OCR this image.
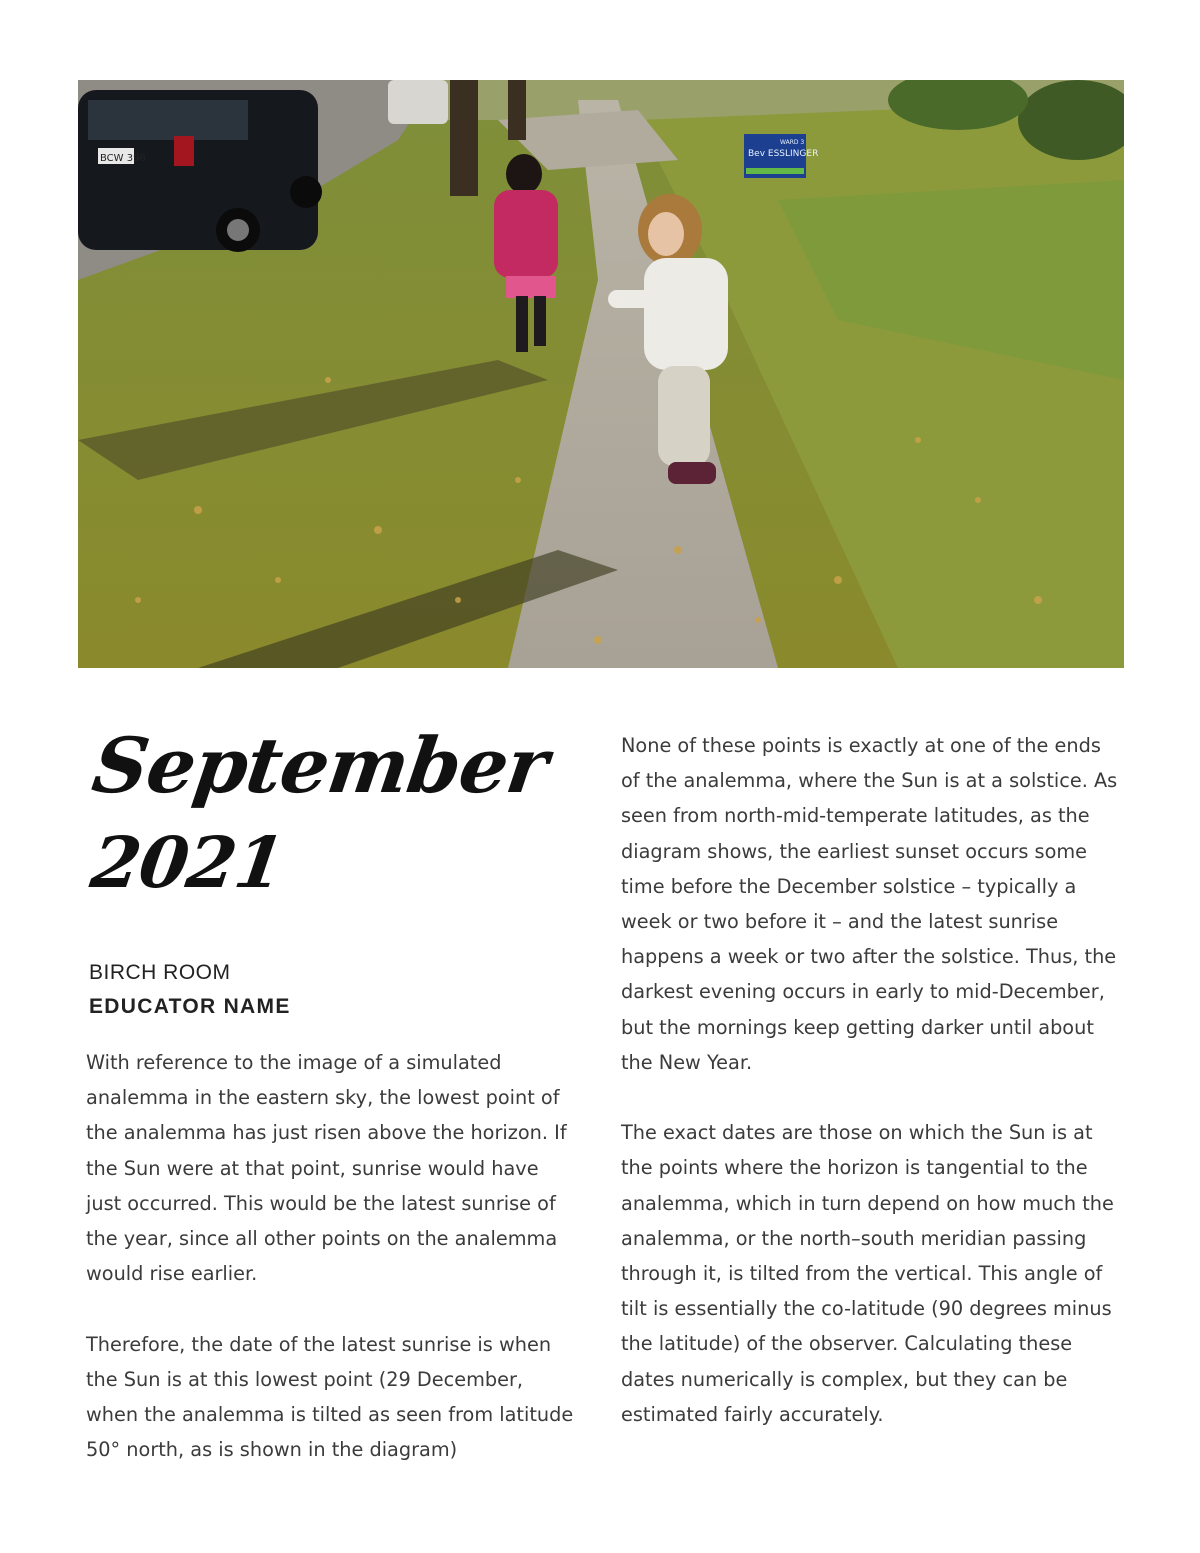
BCW 398	Bev ESSLINGER
WARD 3
September
2021
BIRCH ROOM
EDUCATOR NAME

With reference to the image of a simulated analemma in the eastern sky, the lowest point of the analemma has just risen above the horizon. If the Sun were at that point, sunrise would have just occurred. This would be the latest sunrise of the year, since all other points on the analemma would rise earlier.

Therefore, the date of the latest sunrise is when the Sun is at this lowest point (29 December, when the analemma is tilted as seen from latitude 50° north, as is shown in the diagram)

None of these points is exactly at one of the ends of the analemma, where the Sun is at a solstice. As seen from north-mid-temperate latitudes, as the diagram shows, the earliest sunset occurs some time before the December solstice – typically a week or two before it – and the latest sunrise happens a week or two after the solstice. Thus, the darkest evening occurs in early to mid-December, but the mornings keep getting darker until about the New Year.

The exact dates are those on which the Sun is at the points where the horizon is tangential to the analemma, which in turn depend on how much the analemma, or the north–south meridian passing through it, is tilted from the vertical. This angle of tilt is essentially the co-latitude (90 degrees minus the latitude) of the observer. Calculating these dates numerically is complex, but they can be estimated fairly accurately.
